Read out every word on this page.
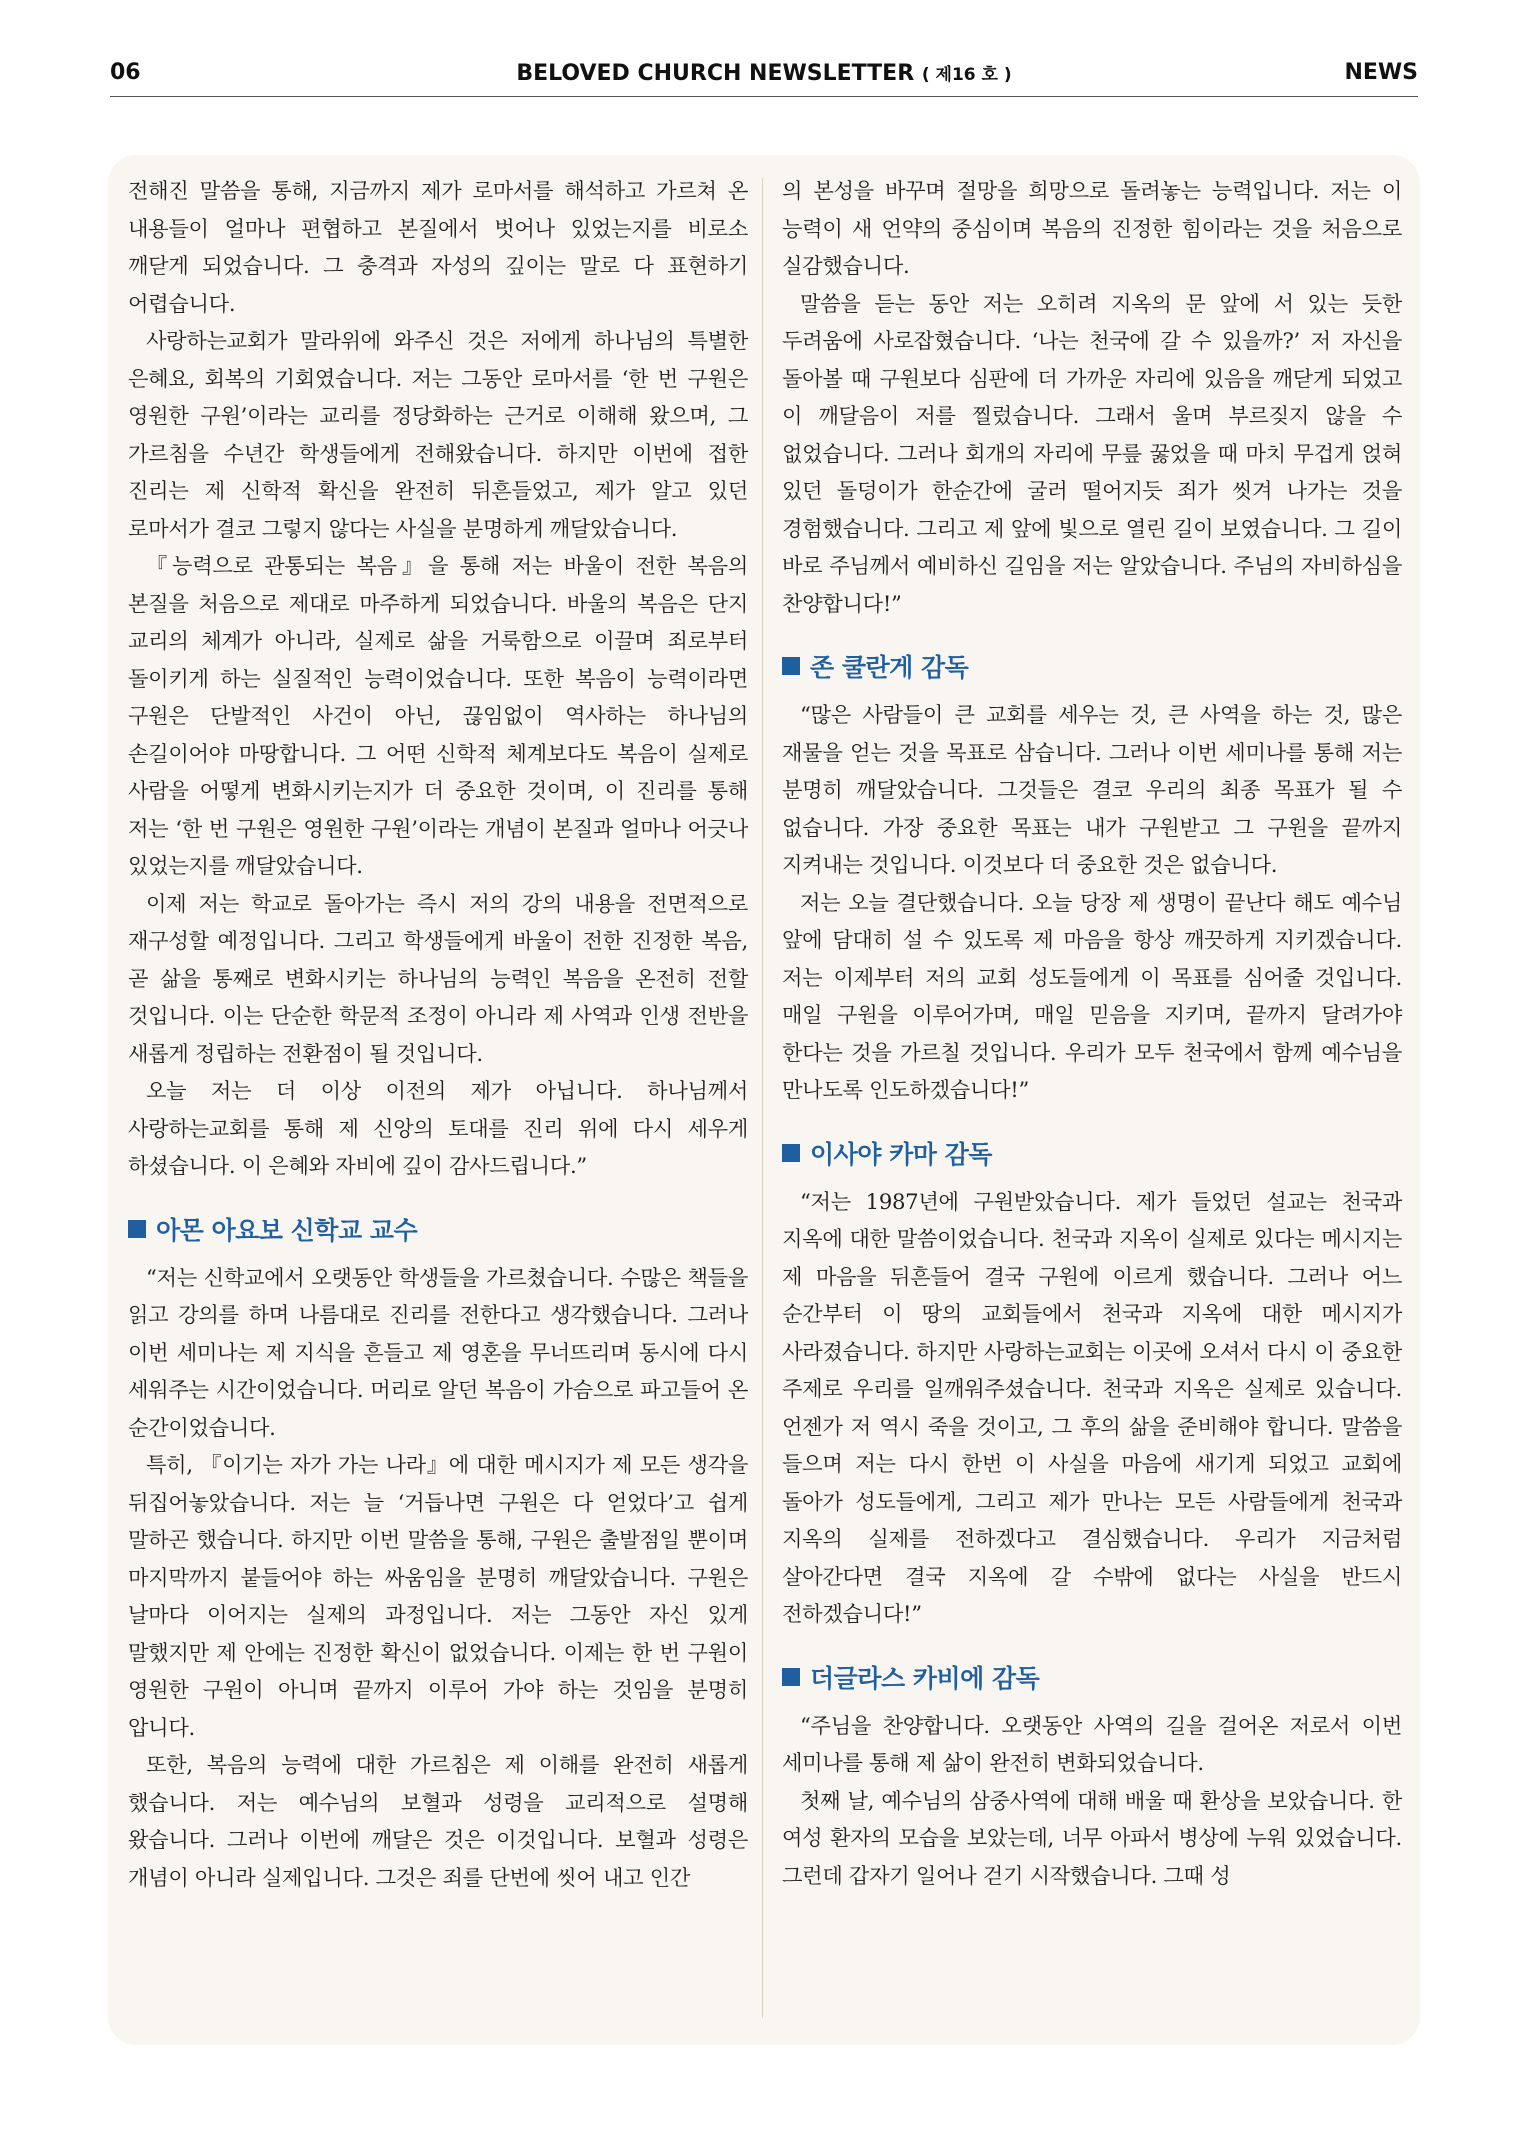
06	BELOVED CHURCH NEWSLETTER ( 제16 호 )	NEWS

전해진 말씀을 통해, 지금까지 제가 로마서를 해석하고 가르쳐 온 내용들이 얼마나 편협하고 본질에서 벗어나 있었는지를 비로소 깨닫게 되었습니다. 그 충격과 자성의 깊이는 말로 다 표현하기 어렵습니다.

사랑하는교회가 말라위에 와주신 것은 저에게 하나님의 특별한 은혜요, 회복의 기회였습니다. 저는 그동안 로마서를 ‘한 번 구원은 영원한 구원’이라는 교리를 정당화하는 근거로 이해해 왔으며, 그 가르침을 수년간 학생들에게 전해왔습니다. 하지만 이번에 접한 진리는 제 신학적 확신을 완전히 뒤흔들었고, 제가 알고 있던 로마서가 결코 그렇지 않다는 사실을 분명하게 깨달았습니다.

『능력으로 관통되는 복음』을 통해 저는 바울이 전한 복음의 본질을 처음으로 제대로 마주하게 되었습니다. 바울의 복음은 단지 교리의 체계가 아니라, 실제로 삶을 거룩함으로 이끌며 죄로부터 돌이키게 하는 실질적인 능력이었습니다. 또한 복음이 능력이라면 구원은 단발적인 사건이 아닌, 끊임없이 역사하는 하나님의 손길이어야 마땅합니다. 그 어떤 신학적 체계보다도 복음이 실제로 사람을 어떻게 변화시키는지가 더 중요한 것이며, 이 진리를 통해 저는 ‘한 번 구원은 영원한 구원’이라는 개념이 본질과 얼마나 어긋나 있었는지를 깨달았습니다.

이제 저는 학교로 돌아가는 즉시 저의 강의 내용을 전면적으로 재구성할 예정입니다. 그리고 학생들에게 바울이 전한 진정한 복음, 곧 삶을 통째로 변화시키는 하나님의 능력인 복음을 온전히 전할 것입니다. 이는 단순한 학문적 조정이 아니라 제 사역과 인생 전반을 새롭게 정립하는 전환점이 될 것입니다.

오늘 저는 더 이상 이전의 제가 아닙니다. 하나님께서 사랑하는교회를 통해 제 신앙의 토대를 진리 위에 다시 세우게 하셨습니다. 이 은혜와 자비에 깊이 감사드립니다.”

아몬 아요보 신학교 교수

“저는 신학교에서 오랫동안 학생들을 가르쳤습니다. 수많은 책들을 읽고 강의를 하며 나름대로 진리를 전한다고 생각했습니다. 그러나 이번 세미나는 제 지식을 흔들고 제 영혼을 무너뜨리며 동시에 다시 세워주는 시간이었습니다. 머리로 알던 복음이 가슴으로 파고들어 온 순간이었습니다.

특히, 『이기는 자가 가는 나라』에 대한 메시지가 제 모든 생각을 뒤집어놓았습니다. 저는 늘 ‘거듭나면 구원은 다 얻었다’고 쉽게 말하곤 했습니다. 하지만 이번 말씀을 통해, 구원은 출발점일 뿐이며 마지막까지 붙들어야 하는 싸움임을 분명히 깨달았습니다. 구원은 날마다 이어지는 실제의 과정입니다. 저는 그동안 자신 있게 말했지만 제 안에는 진정한 확신이 없었습니다. 이제는 한 번 구원이 영원한 구원이 아니며 끝까지 이루어 가야 하는 것임을 분명히 압니다.

또한, 복음의 능력에 대한 가르침은 제 이해를 완전히 새롭게 했습니다. 저는 예수님의 보혈과 성령을 교리적으로 설명해 왔습니다. 그러나 이번에 깨달은 것은 이것입니다. 보혈과 성령은 개념이 아니라 실제입니다. 그것은 죄를 단번에 씻어 내고 인간

의 본성을 바꾸며 절망을 희망으로 돌려놓는 능력입니다. 저는 이 능력이 새 언약의 중심이며 복음의 진정한 힘이라는 것을 처음으로 실감했습니다.

말씀을 듣는 동안 저는 오히려 지옥의 문 앞에 서 있는 듯한 두려움에 사로잡혔습니다. ‘나는 천국에 갈 수 있을까?’ 저 자신을 돌아볼 때 구원보다 심판에 더 가까운 자리에 있음을 깨닫게 되었고 이 깨달음이 저를 찔렀습니다. 그래서 울며 부르짖지 않을 수 없었습니다. 그러나 회개의 자리에 무릎 꿇었을 때 마치 무겁게 얹혀 있던 돌덩이가 한순간에 굴러 떨어지듯 죄가 씻겨 나가는 것을 경험했습니다. 그리고 제 앞에 빛으로 열린 길이 보였습니다. 그 길이 바로 주님께서 예비하신 길임을 저는 알았습니다. 주님의 자비하심을 찬양합니다!”

존 쿨란게 감독

“많은 사람들이 큰 교회를 세우는 것, 큰 사역을 하는 것, 많은 재물을 얻는 것을 목표로 삼습니다. 그러나 이번 세미나를 통해 저는 분명히 깨달았습니다. 그것들은 결코 우리의 최종 목표가 될 수 없습니다. 가장 중요한 목표는 내가 구원받고 그 구원을 끝까지 지켜내는 것입니다. 이것보다 더 중요한 것은 없습니다.

저는 오늘 결단했습니다. 오늘 당장 제 생명이 끝난다 해도 예수님 앞에 담대히 설 수 있도록 제 마음을 항상 깨끗하게 지키겠습니다. 저는 이제부터 저의 교회 성도들에게 이 목표를 심어줄 것입니다. 매일 구원을 이루어가며, 매일 믿음을 지키며, 끝까지 달려가야 한다는 것을 가르칠 것입니다. 우리가 모두 천국에서 함께 예수님을 만나도록 인도하겠습니다!”

이사야 카마 감독

“저는 1987년에 구원받았습니다. 제가 들었던 설교는 천국과 지옥에 대한 말씀이었습니다. 천국과 지옥이 실제로 있다는 메시지는 제 마음을 뒤흔들어 결국 구원에 이르게 했습니다. 그러나 어느 순간부터 이 땅의 교회들에서 천국과 지옥에 대한 메시지가 사라졌습니다. 하지만 사랑하는교회는 이곳에 오셔서 다시 이 중요한 주제로 우리를 일깨워주셨습니다. 천국과 지옥은 실제로 있습니다. 언젠가 저 역시 죽을 것이고, 그 후의 삶을 준비해야 합니다. 말씀을 들으며 저는 다시 한번 이 사실을 마음에 새기게 되었고 교회에 돌아가 성도들에게, 그리고 제가 만나는 모든 사람들에게 천국과 지옥의 실제를 전하겠다고 결심했습니다. 우리가 지금처럼 살아간다면 결국 지옥에 갈 수밖에 없다는 사실을 반드시 전하겠습니다!”

더글라스 카비에 감독

“주님을 찬양합니다. 오랫동안 사역의 길을 걸어온 저로서 이번 세미나를 통해 제 삶이 완전히 변화되었습니다.

첫째 날, 예수님의 삼중사역에 대해 배울 때 환상을 보았습니다. 한 여성 환자의 모습을 보았는데, 너무 아파서 병상에 누워 있었습니다. 그런데 갑자기 일어나 걷기 시작했습니다. 그때 성
